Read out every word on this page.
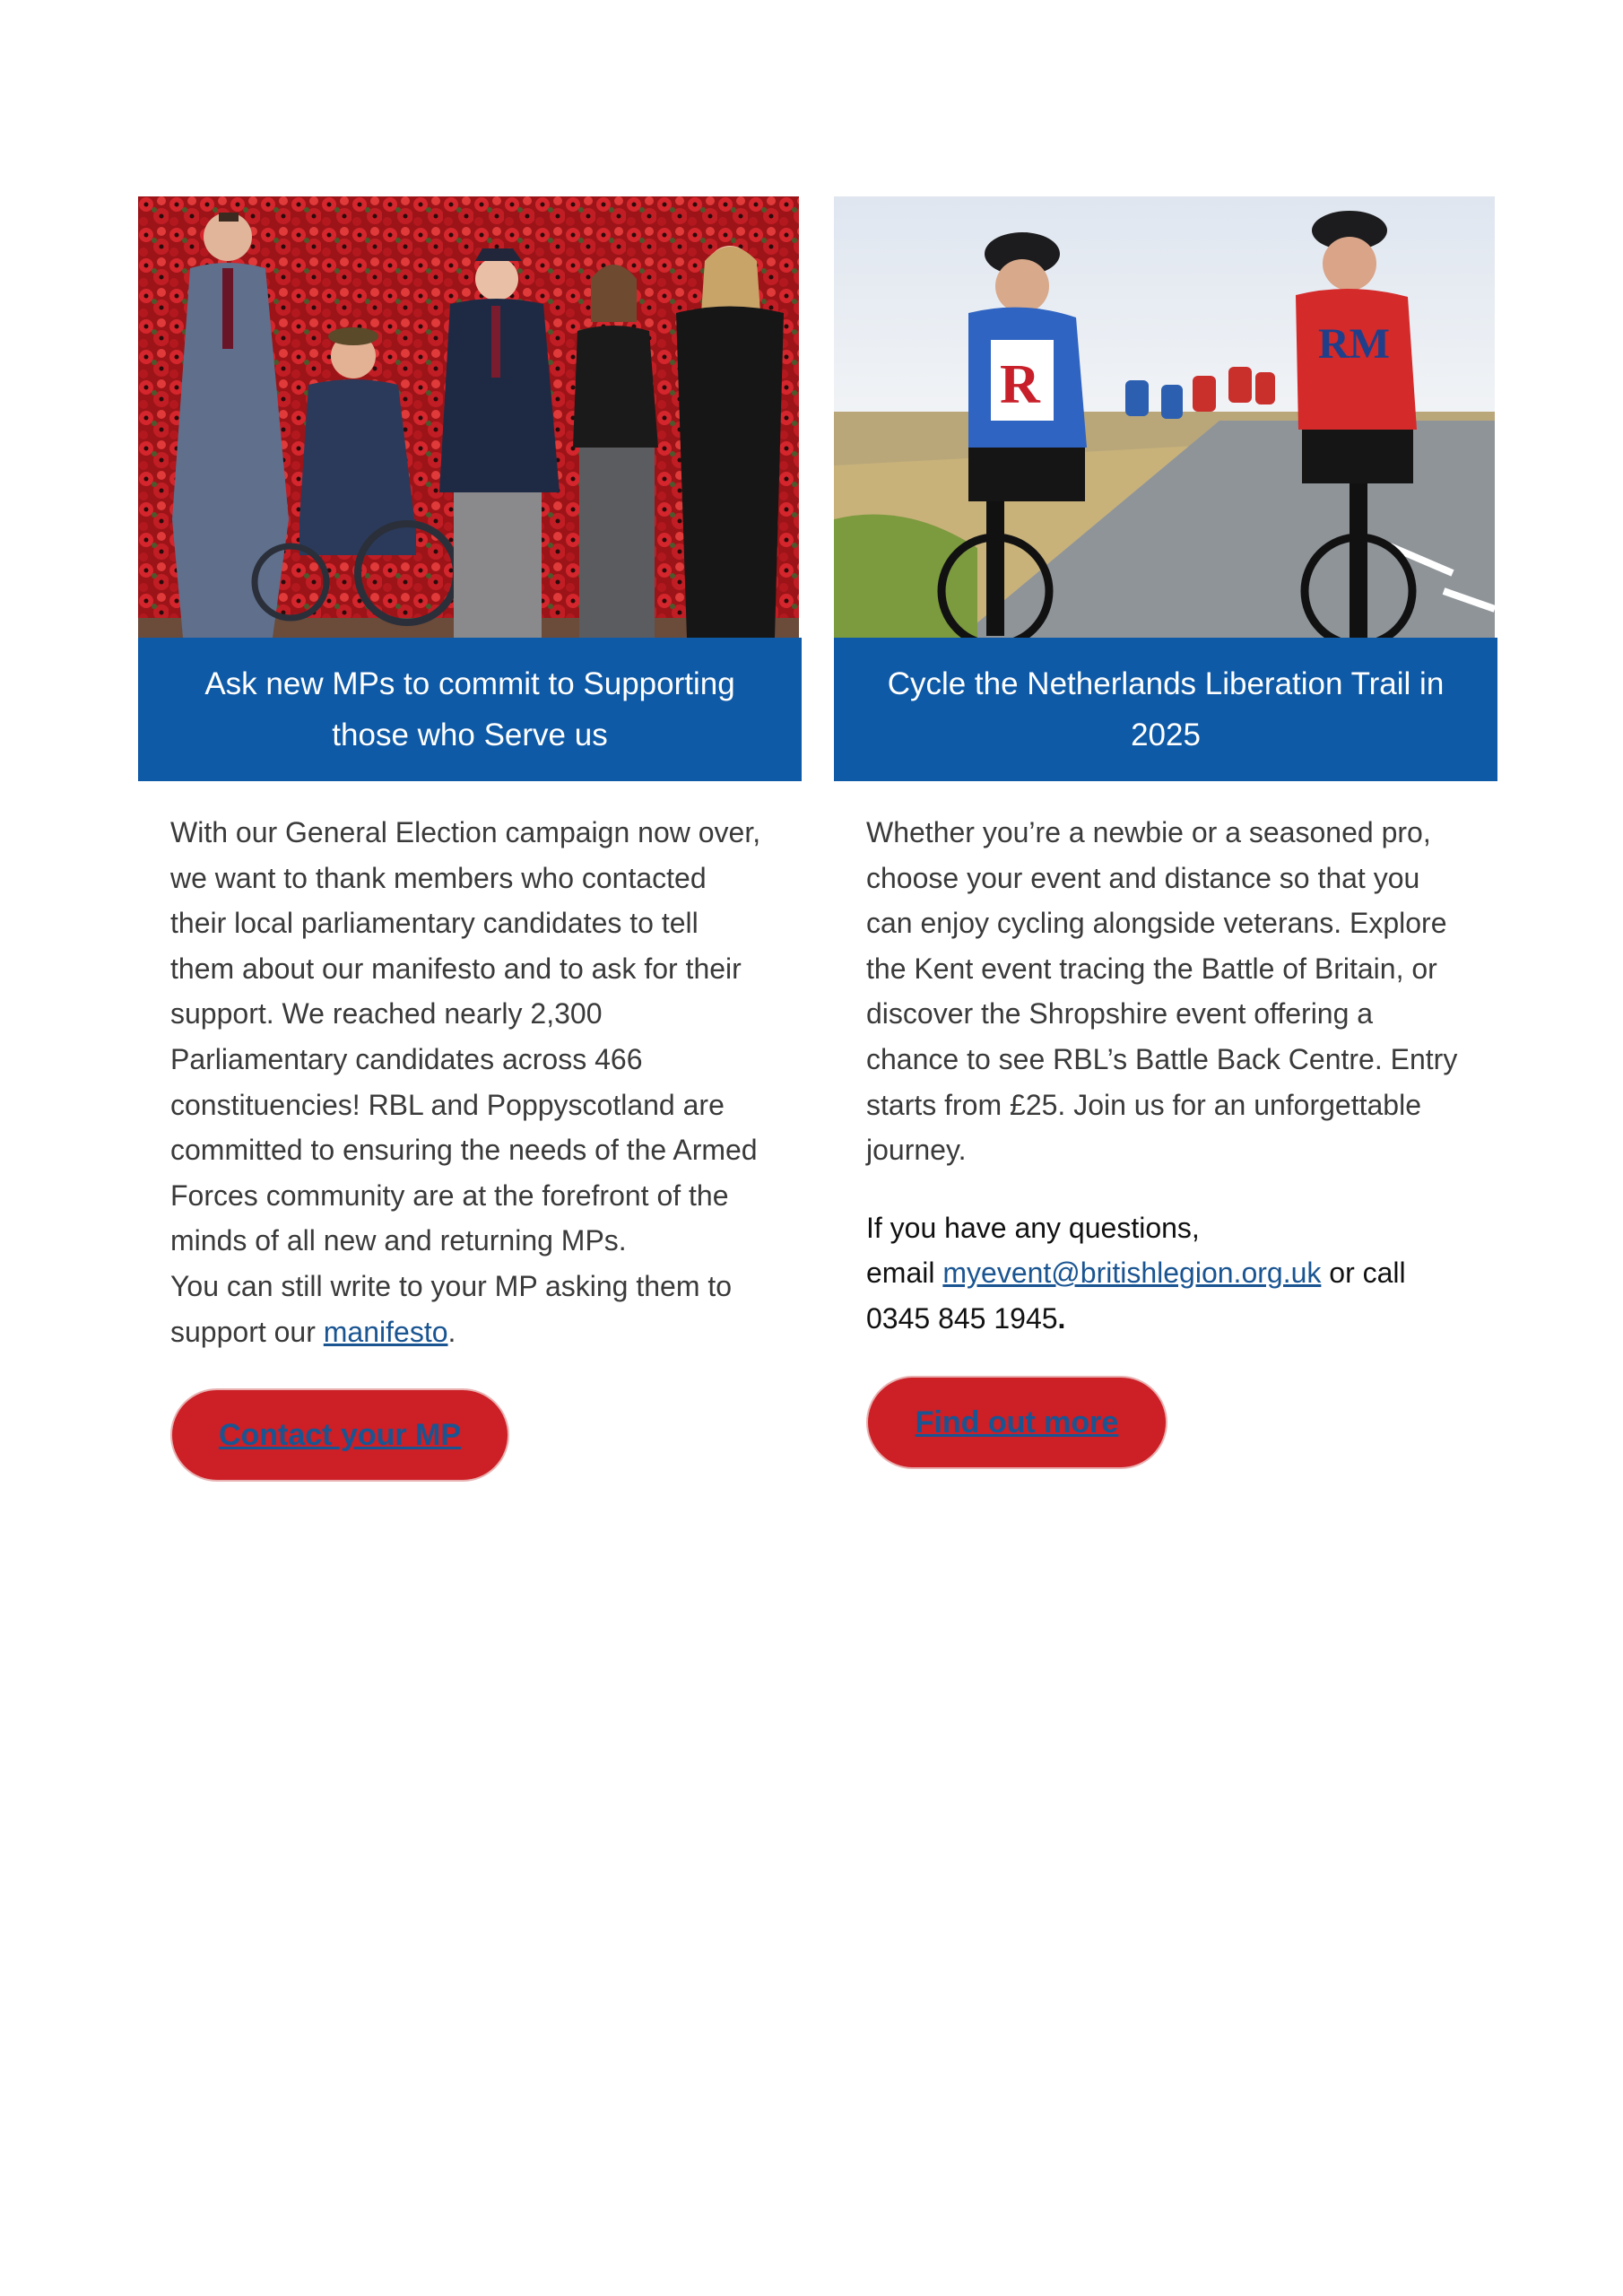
Ask new MPs to commit to Supporting those who Serve us

With our General Election campaign now over, we want to thank members who contacted their local parliamentary candidates to tell them about our manifesto and to ask for their support. We reached nearly 2,300 Parliamentary candidates across 466 constituencies! RBL and Poppyscotland are committed to ensuring the needs of the Armed Forces community are at the forefront of the minds of all new and returning MPs.

You can still write to your MP asking them to support our manifesto.

Contact your MP
R
RM
Cycle the Netherlands Liberation Trail in 2025

Whether you’re a newbie or a seasoned pro, choose your event and distance so that you can enjoy cycling alongside veterans. Explore the Kent event tracing the Battle of Britain, or discover the Shropshire event offering a chance to see RBL’s Battle Back Centre. Entry starts from £25. Join us for an unforgettable journey.

If you have any questions,

email myevent@britishlegion.org.uk or call

0345 845 1945.

Find out more
